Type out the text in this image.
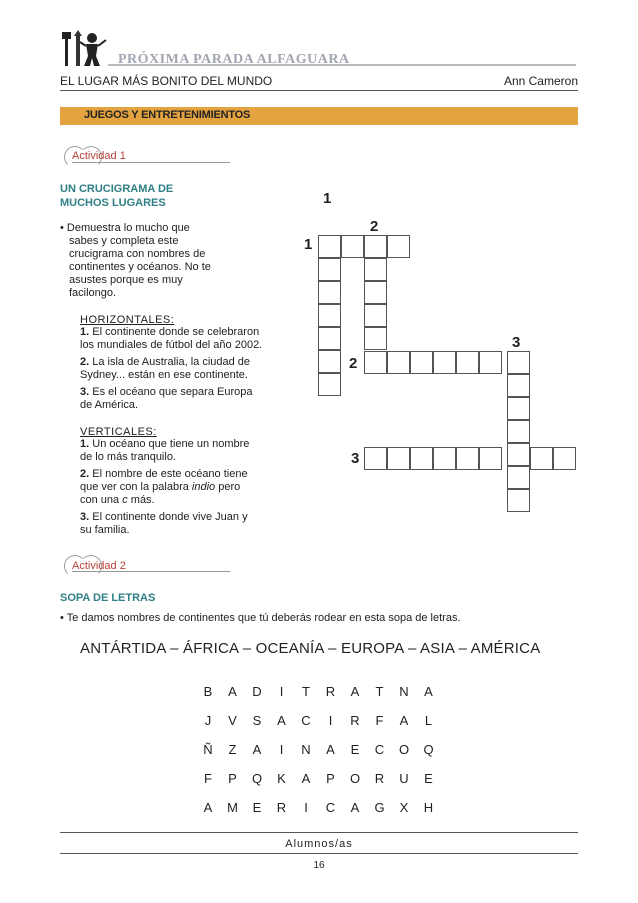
PRÓXIMA PARADA ALFAGUARA
EL LUGAR MÁS BONITO DEL MUNDO	Ann Cameron
JUEGOS Y ENTRETENIMIENTOS
Actividad 1
UN CRUCIGRAMA DE
MUCHOS LUGARES
• Demuestra lo mucho que
sabes y completa este
crucigrama con nombres de
continentes y océanos. No te
asustes porque es muy
facilongo.
HORIZONTALES:
1. El continente donde se celebraron
los mundiales de fútbol del año 2002.
2. La isla de Australia, la ciudad de
Sydney... están en ese continente.
3. Es el océano que separa Europa
de América.
VERTICALES:
1. Un océano que tiene un nombre
de lo más tranquilo.
2. El nombre de este océano tiene
que ver con la palabra indio pero
con una c más.
3. El continente donde vive Juan y
su familia.
1
1
2
2
3
3
Actividad 2
SOPA DE LETRAS
• Te damos nombres de continentes que tú deberás rodear en esta sopa de letras.
ANTÁRTIDA – ÁFRICA – OCEANÍA – EUROPA – ASIA – AMÉRICA
B	A	D	I	T	R	A	T	N	A
J	V	S	A	C	I	R	F	A	L
Ñ	Z	A	I	N	A	E	C	O	Q
F	P	Q	K	A	P	O	R	U	E
A	M	E	R	I	C	A	G	X	H
Alumnos/as
16
